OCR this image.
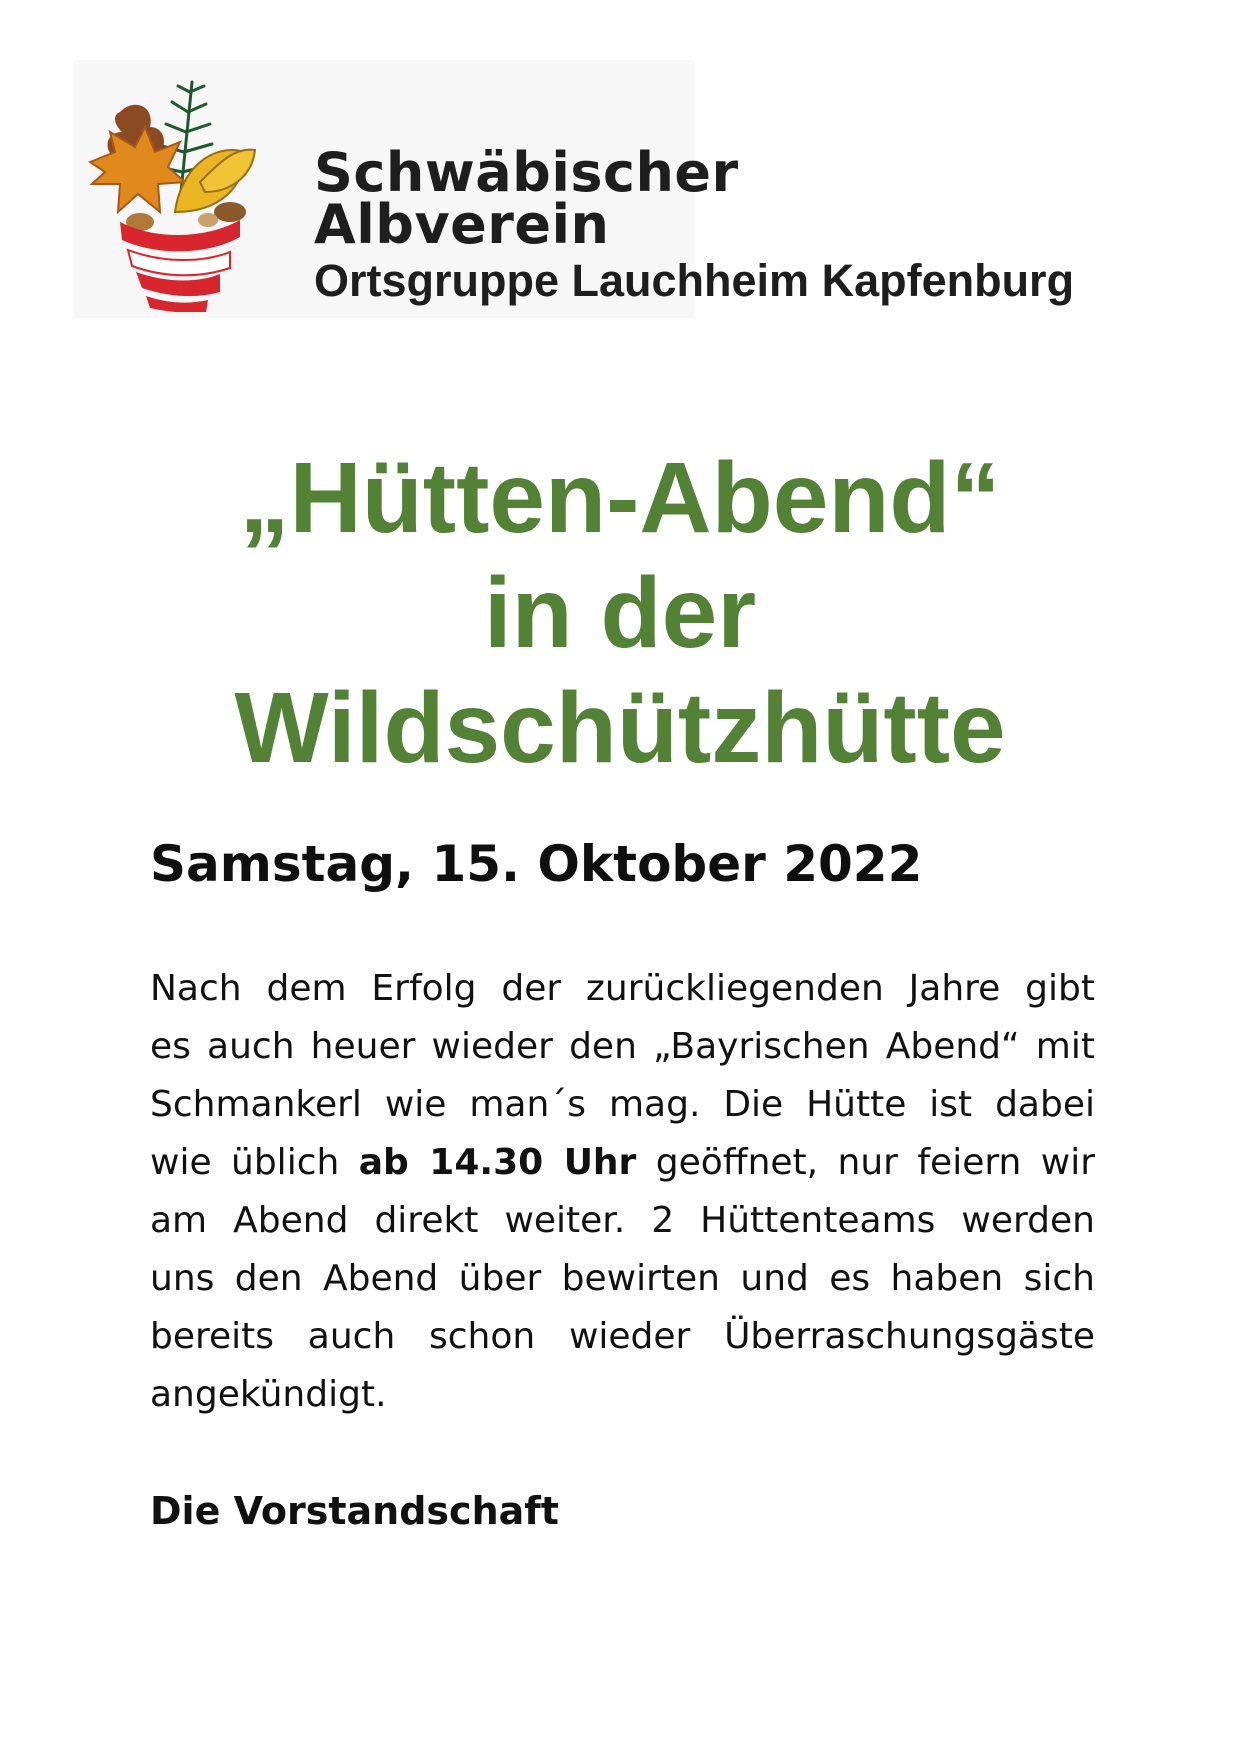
Schwäbischer
Albverein
Ortsgruppe Lauchheim Kapfenburg
„Hütten-Abend“
in der
Wildschützhütte
Samstag, 15. Oktober 2022
Nach dem Erfolg der zurückliegenden Jahre gibt
es auch heuer wieder den „Bayrischen Abend“ mit
Schmankerl wie man´s mag. Die Hütte ist dabei
wie üblich ab 14.30 Uhr geöffnet, nur feiern wir
am Abend direkt weiter. 2 Hüttenteams werden
uns den Abend über bewirten und es haben sich
bereits auch schon wieder Überraschungsgäste
angekündigt.
Die Vorstandschaft
